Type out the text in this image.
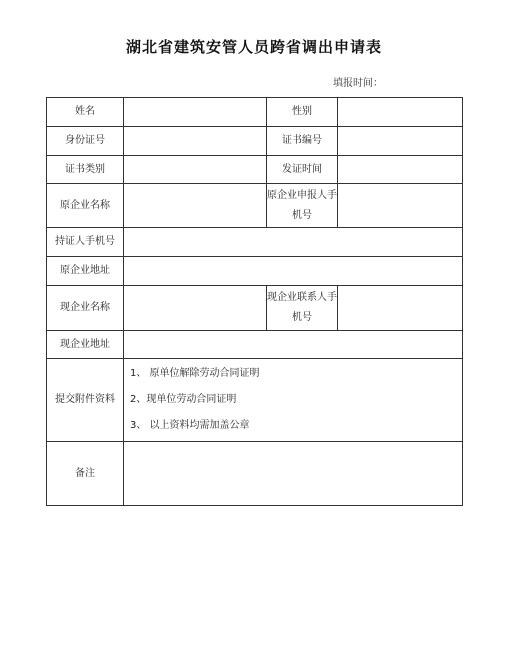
湖北省建筑安管人员跨省调出申请表
填报时间：
姓名		性别	
身份证号		证书编号	
证书类别		发证时间	
原企业名称		原企业申报人手机号	
持证人手机号			
原企业地址			
现企业名称		现企业联系人手机号	
现企业地址			
提交附件资料	1、 原单位解除劳动合同证明
2、现单位劳动合同证明
3、 以上资料均需加盖公章		

备注			
